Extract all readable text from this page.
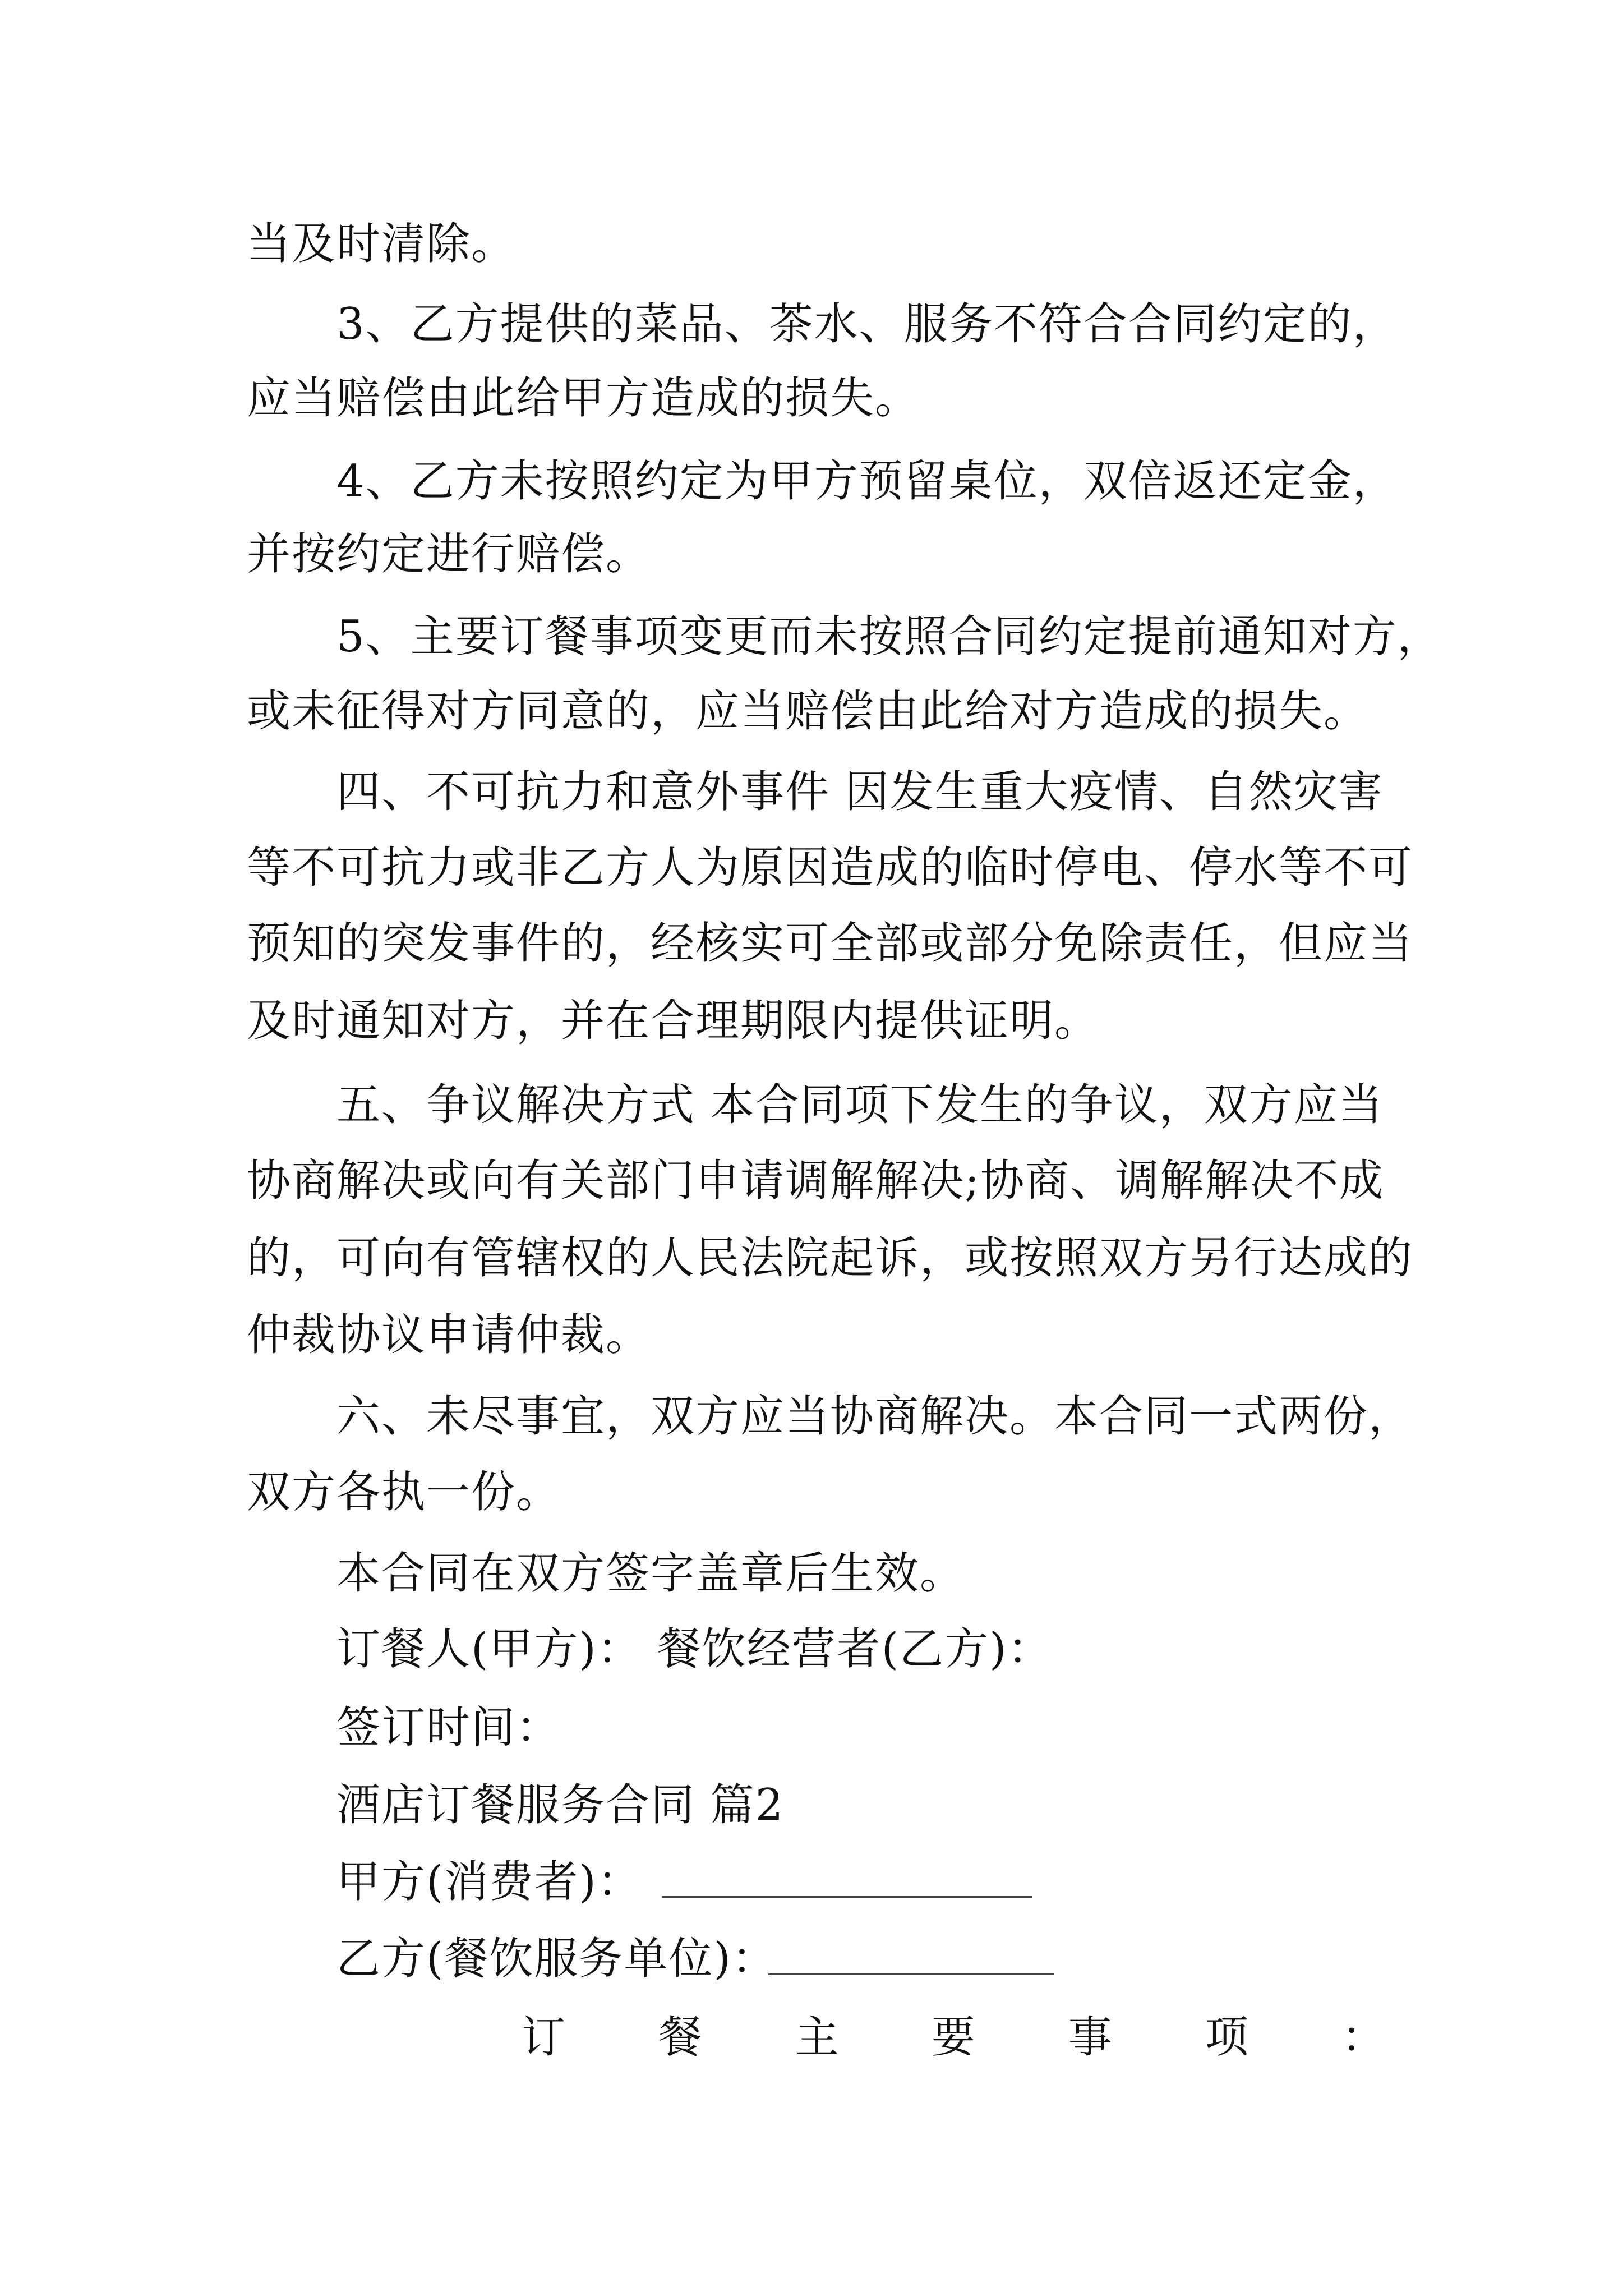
当及时清除。
3、乙方提供的菜品、茶水、服务不符合合同约定的，
应当赔偿由此给甲方造成的损失。
4、乙方未按照约定为甲方预留桌位，双倍返还定金，
并按约定进行赔偿。
5、主要订餐事项变更而未按照合同约定提前通知对方，
或未征得对方同意的，应当赔偿由此给对方造成的损失。
四、不可抗力和意外事件 因发生重大疫情、自然灾害
等不可抗力或非乙方人为原因造成的临时停电、停水等不可
预知的突发事件的，经核实可全部或部分免除责任，但应当
及时通知对方，并在合理期限内提供证明。
五、争议解决方式 本合同项下发生的争议，双方应当
协商解决或向有关部门申请调解解决;协商、调解解决不成
的，可向有管辖权的人民法院起诉，或按照双方另行达成的
仲裁协议申请仲裁。
六、未尽事宜，双方应当协商解决。本合同一式两份，
双方各执一份。
本合同在双方签字盖章后生效。
订餐人(甲方)： 餐饮经营者(乙方)：
签订时间：
酒店订餐服务合同 篇2
甲方(消费者)：
乙方(餐饮服务单位)：
订 餐 主 要 事 项 ：
